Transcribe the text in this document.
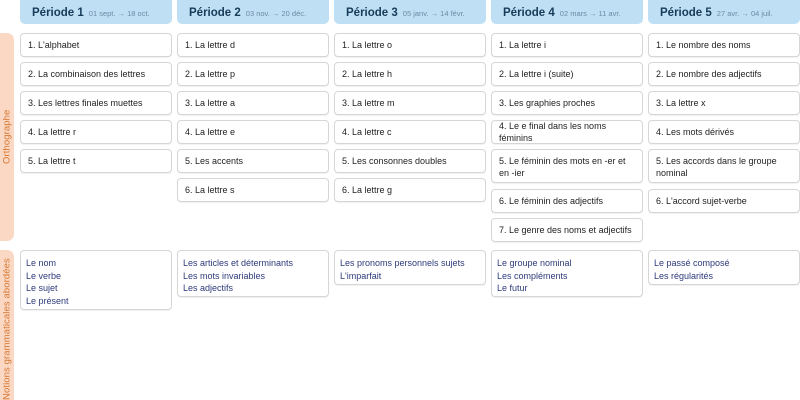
Orthographe
Notions grammaticales abordées
Période 1 01 sept. → 18 oct.
1. L'alphabet
2. La combinaison des lettres
3. Les lettres finales muettes
4. La lettre r
5. La lettre t
Le nom
Le verbe
Le sujet
Le présent
Période 2 03 nov. → 20 déc.
1. La lettre d
2. La lettre p
3. La lettre a
4. La lettre e
5. Les accents
6. La lettre s
Les articles et déterminants
Les mots invariables
Les adjectifs
Période 3 05 janv. → 14 févr.
1. La lettre o
2. La lettre h
3. La lettre m
4. La lettre c
5. Les consonnes doubles
6. La lettre g
Les pronoms personnels sujets
L'imparfait
Période 4 02 mars → 11 avr.
1. La lettre i
2. La lettre i (suite)
3. Les graphies proches
4. Le e final dans les noms féminins
5. Le féminin des mots en -er et en -ier
6. Le féminin des adjectifs
7. Le genre des noms et adjectifs
Le groupe nominal
Les compléments
Le futur
Période 5 27 avr. → 04 juil.
1. Le nombre des noms
2. Le nombre des adjectifs
3. La lettre x
4. Les mots dérivés
5. Les accords dans le groupe nominal
6. L'accord sujet-verbe
Le passé composé
Les régularités
